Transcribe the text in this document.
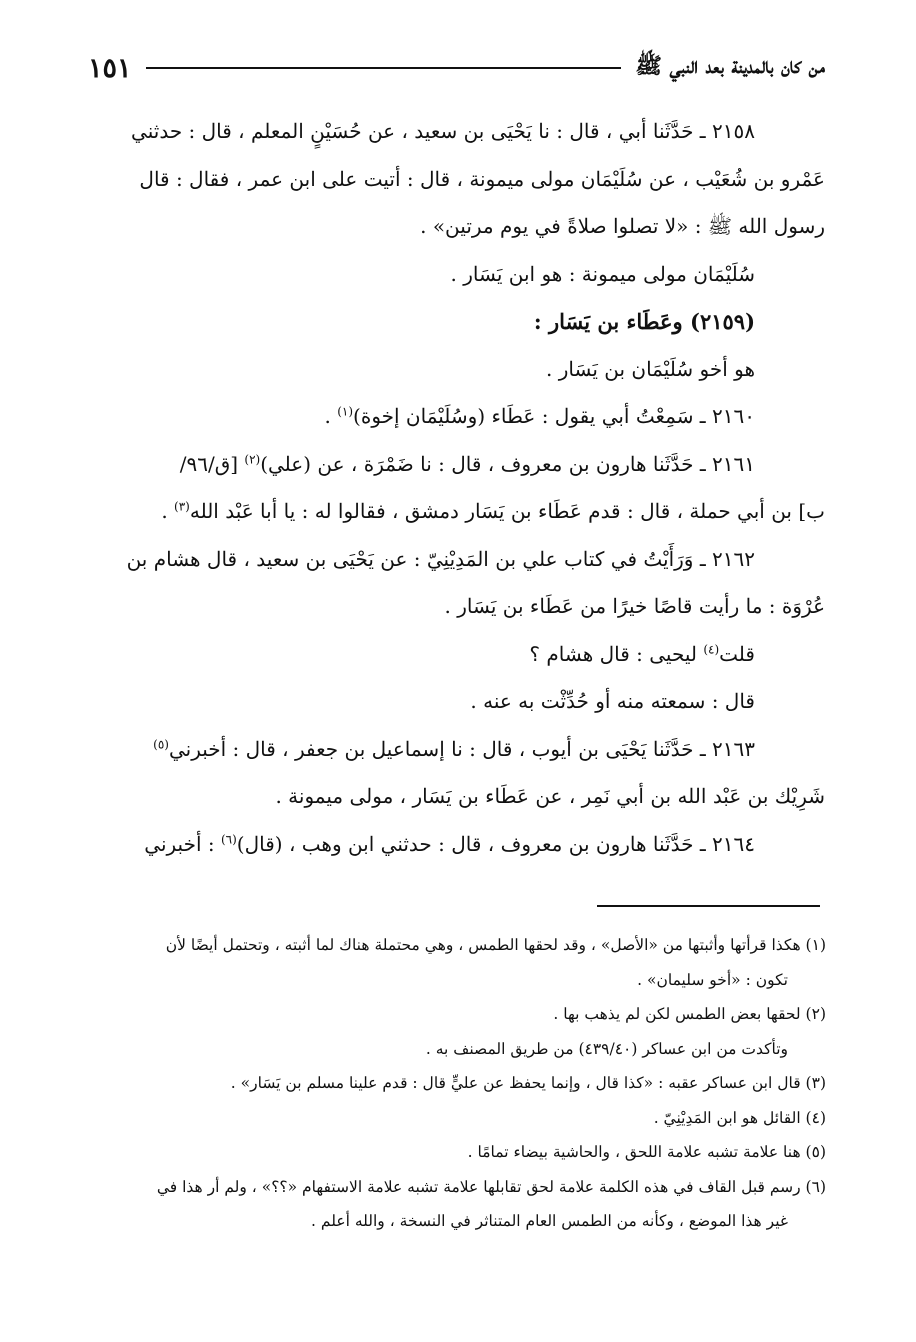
١٥١	من كان بالمدينة بعد النبي ﷺ

٢١٥٨ ـ حَدَّثَنا أبي ، قال : نا يَحْيَى بن سعيد ، عن حُسَيْنٍ المعلم ، قال : حدثني

عَمْرو بن شُعَيْب ، عن سُلَيْمَان مولى ميمونة ، قال : أتيت على ابن عمر ، فقال : قال

رسول الله ﷺ : «لا تصلوا صلاةً في يوم مرتين» .

سُلَيْمَان مولى ميمونة : هو ابن يَسَار .

(٢١٥٩) وعَطَاء بن يَسَار :

هو أخو سُلَيْمَان بن يَسَار .

٢١٦٠ ـ سَمِعْتُ أبي يقول : عَطَاء (وسُلَيْمَان إخوة)$^{(١)}$ .

٢١٦١ ـ حَدَّثَنا هارون بن معروف ، قال : نا ضَمْرَة ، عن (علي)$^{(٢)}$ [ق/٩٦/

ب] بن أبي حملة ، قال : قدم عَطَاء بن يَسَار دمشق ، فقالوا له : يا أبا عَبْد الله$^{(٣)}$ .

٢١٦٢ ـ وَرَأَيْتُ في كتاب علي بن المَدِيْنِيّ : عن يَحْيَى بن سعيد ، قال هشام بن

عُرْوَة : ما رأيت قاصًا خيرًا من عَطَاء بن يَسَار .

قلت$^{(٤)}$ ليحيى : قال هشام ؟

قال : سمعته منه أو حُدِّثْت به عنه .

٢١٦٣ ـ حَدَّثَنا يَحْيَى بن أيوب ، قال : نا إسماعيل بن جعفر ، قال : أخبرني$^{(٥)}$

شَرِيْك بن عَبْد الله بن أبي نَمِر ، عن عَطَاء بن يَسَار ، مولى ميمونة .

٢١٦٤ ـ حَدَّثَنا هارون بن معروف ، قال : حدثني ابن وهب ، (قال)$^{(٦)}$ : أخبرني

(١) هكذا قرأتها وأثبتها من «الأصل» ، وقد لحقها الطمس ، وهي محتملة هناك لما أثبته ، وتحتمل أيضًا لأن

تكون : «أخو سليمان» .

(٢) لحقها بعض الطمس لكن لم يذهب بها .

وتأكدت من ابن عساكر (٤٣٩/٤٠) من طريق المصنف به .

(٣) قال ابن عساكر عقبه : «كذا قال ، وإنما يحفظ عن عليٍّ قال : قدم علينا مسلم بن يَسَار» .

(٤) القائل هو ابن المَدِيْنِيّ .

(٥) هنا علامة تشبه علامة اللحق ، والحاشية بيضاء تمامًا .

(٦) رسم قبل القاف في هذه الكلمة علامة لحق تقابلها علامة تشبه علامة الاستفهام «؟؟» ، ولم أر هذا في

غير هذا الموضع ، وكأنه من الطمس العام المتناثر في النسخة ، والله أعلم .
